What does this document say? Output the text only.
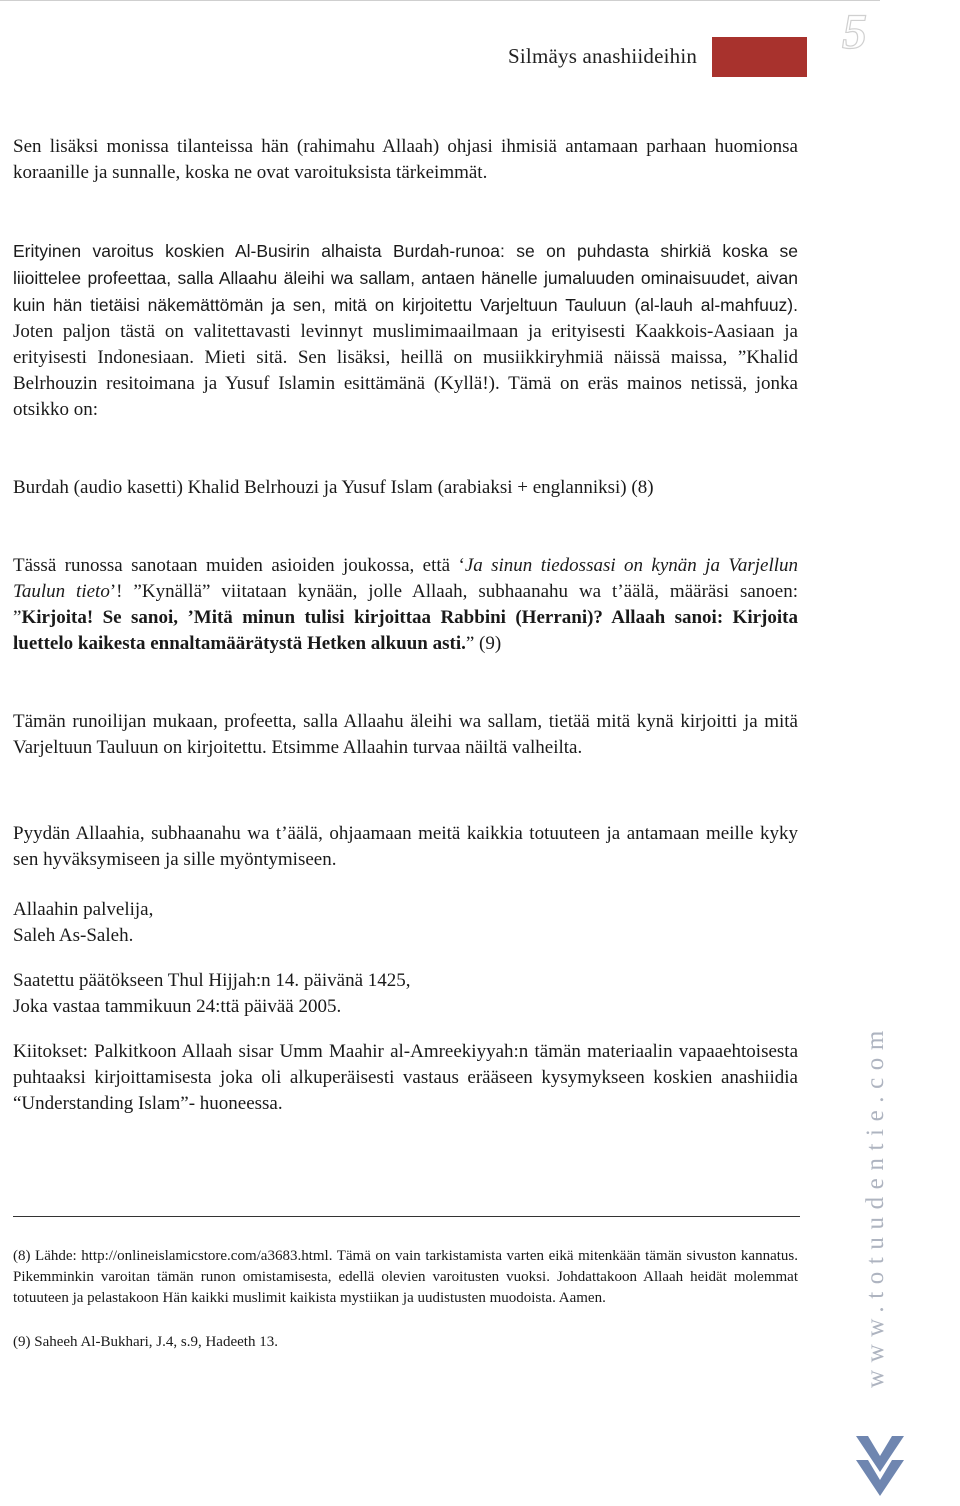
5
Silmäys anashiideihin

Sen lisäksi monissa tilanteissa hän (rahimahu Allaah) ohjasi ihmisiä antamaan parhaan huomionsa koraanille ja sunnalle, koska ne ovat varoituksista tärkeimmät.

Erityinen varoitus koskien Al-Busirin alhaista Burdah-runoa: se on puhdasta shirkiä koska se liioittelee profeettaa, salla Allaahu äleihi wa sallam, antaen hänelle jumaluuden ominaisuudet, aivan kuin hän tietäisi näkemättömän ja sen, mitä on kirjoitettu Varjeltuun Tauluun (al-lauh al-mahfuuz). Joten paljon tästä on valitettavasti levinnyt muslimimaailmaan ja erityisesti Kaakkois-Aasiaan ja erityisesti Indonesiaan. Mieti sitä. Sen lisäksi, heillä on musiikkiryhmiä näissä maissa, ”Khalid Belrhouzin resitoimana ja Yusuf Islamin esittämänä (Kyllä!). Tämä on eräs mainos netissä, jonka otsikko on:

Burdah (audio kasetti) Khalid Belrhouzi ja Yusuf Islam (arabiaksi + englanniksi) (8)

Tässä runossa sanotaan muiden asioiden joukossa, että ‘Ja sinun tiedossasi on kynän ja Varjellun Taulun tieto’! ”Kynällä” viitataan kynään, jolle Allaah, subhaanahu wa t’äälä, määräsi sanoen: ”Kirjoita! Se sanoi, ’Mitä minun tulisi kirjoittaa Rabbini (Herrani)? Allaah sanoi: Kirjoita luettelo kaikesta ennaltamäärätystä Hetken alkuun asti.” (9)

Tämän runoilijan mukaan, profeetta, salla Allaahu äleihi wa sallam, tietää mitä kynä kirjoitti ja mitä Varjeltuun Tauluun on kirjoitettu. Etsimme Allaahin turvaa näiltä valheilta.

Pyydän Allaahia, subhaanahu wa t’äälä, ohjaamaan meitä kaikkia totuuteen ja antamaan meille kyky sen hyväksymiseen ja sille myöntymiseen.

Allaahin palvelija,
Saleh As-Saleh.

Saatettu päätökseen Thul Hijjah:n 14. päivänä 1425,
Joka vastaa tammikuun 24:ttä päivää 2005.

Kiitokset: Palkitkoon Allaah sisar Umm Maahir al-Amreekiyyah:n tämän materiaalin vapaaehtoisesta puhtaaksi kirjoittamisesta joka oli alkuperäisesti vastaus erääseen kysymykseen koskien anashiidia “Understanding Islam”- huoneessa.

(8) Lähde: http://onlineislamicstore.com/a3683.html. Tämä on vain tarkistamista varten eikä mitenkään tämän sivuston kannatus. Pikemminkin varoitan tämän runon omistamisesta, edellä olevien varoitusten vuoksi. Johdattakoon Allaah heidät molemmat totuuteen ja pelastakoon Hän kaikki muslimit kaikista mystiikan ja uudistusten muodoista. Aamen.

(9) Saheeh Al-Bukhari, J.4, s.9, Hadeeth 13.	www.totuudentie.com
